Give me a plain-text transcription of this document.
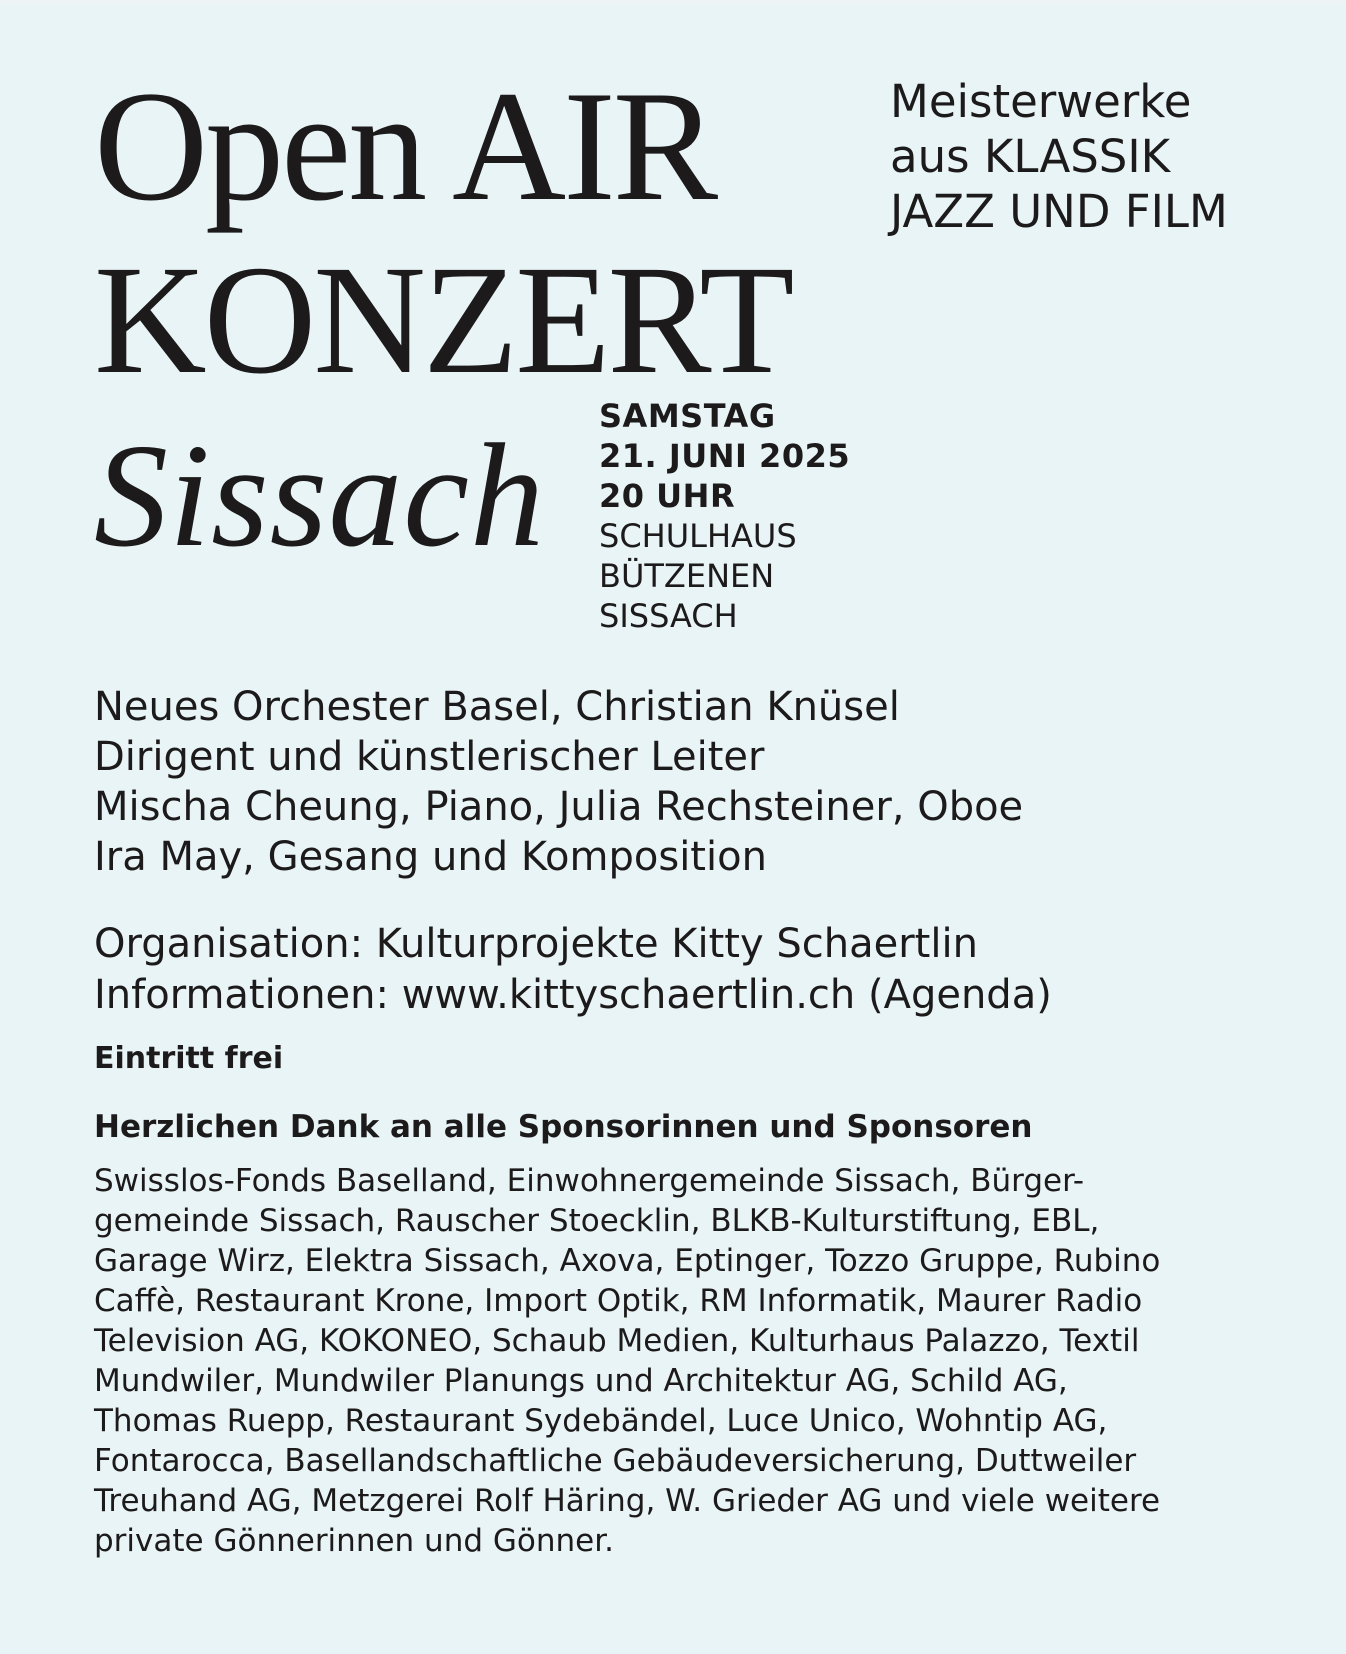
Open AIR
KONZERT
Sissach
Meisterwerke
aus KLASSIK
JAZZ UND FILM
SAMSTAG
21. JUNI 2025
20 UHR
SCHULHAUS
BÜTZENEN
SISSACH
Neues Orchester Basel, Christian Knüsel
Dirigent und künstlerischer Leiter
Mischa Cheung, Piano, Julia Rechsteiner, Oboe
Ira May, Gesang und Komposition
Organisation: Kulturprojekte Kitty Schaertlin
Informationen: www.kittyschaertlin.ch (Agenda)
Eintritt frei
Herzlichen Dank an alle Sponsorinnen und Sponsoren
Swisslos-Fonds Baselland, Einwohnergemeinde Sissach, Bürger-
gemeinde Sissach, Rauscher Stoecklin, BLKB-Kulturstiftung, EBL,
Garage Wirz, Elektra Sissach, Axova, Eptinger, Tozzo Gruppe, Rubino
Caffè, Restaurant Krone, Import Optik, RM Informatik, Maurer Radio
Television AG, KOKONEO, Schaub Medien, Kulturhaus Palazzo, Textil
Mundwiler, Mundwiler Planungs und Architektur AG, Schild AG,
Thomas Ruepp, Restaurant Sydebändel, Luce Unico, Wohntip AG,
Fontarocca, Basellandschaftliche Gebäudeversicherung, Duttweiler
Treuhand AG, Metzgerei Rolf Häring, W. Grieder AG und viele weitere
private Gönnerinnen und Gönner.
